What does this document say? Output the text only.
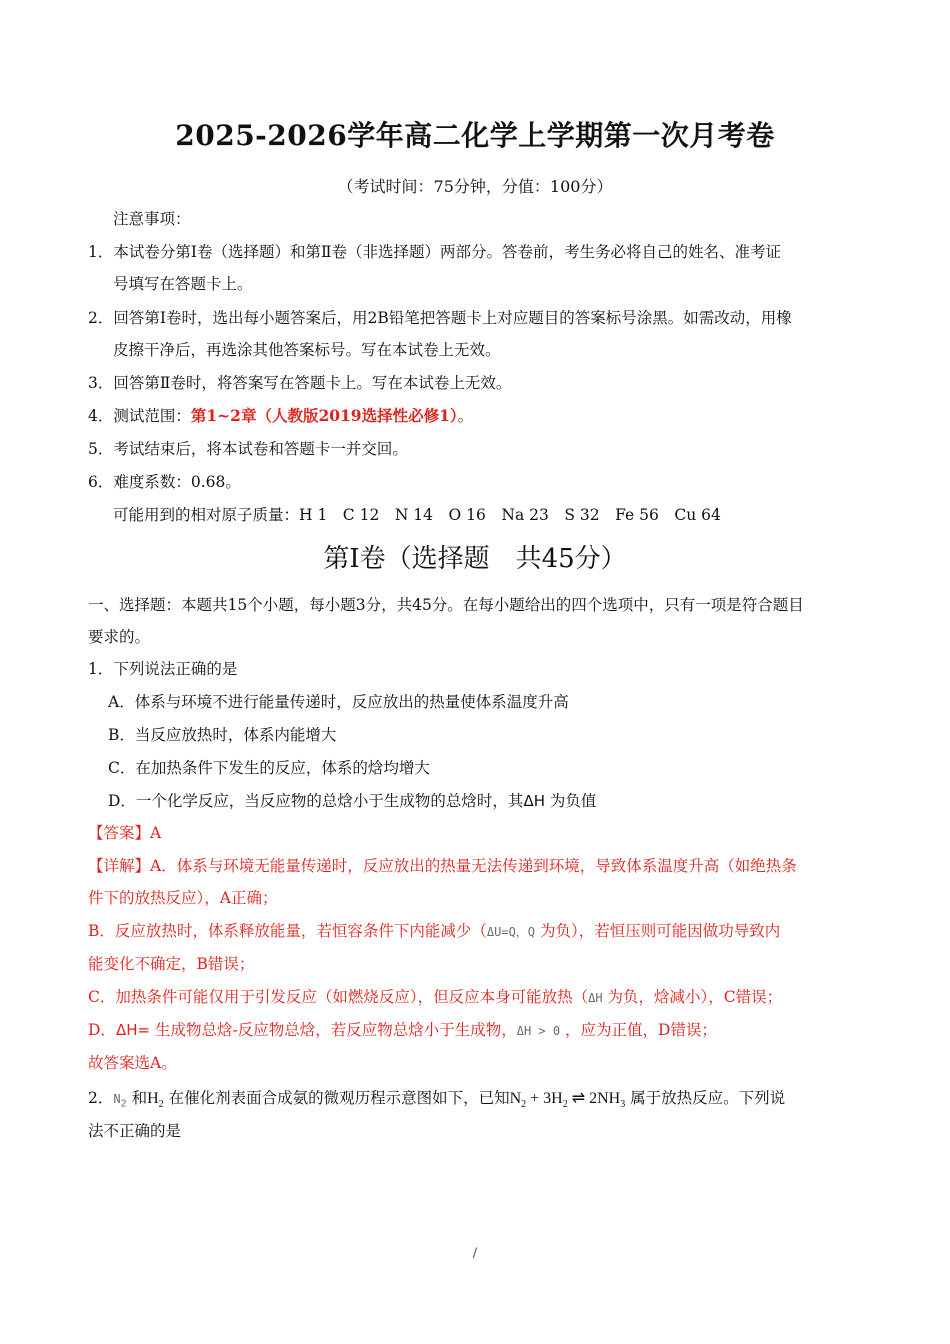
2025-2026学年高二化学上学期第一次月考卷
（考试时间：75分钟，分值：100分）
注意事项：
1．本试卷分第Ⅰ卷（选择题）和第Ⅱ卷（非选择题）两部分。答卷前，考生务必将自己的姓名、准考证
号填写在答题卡上。
2．回答第Ⅰ卷时，选出每小题答案后，用2B铅笔把答题卡上对应题目的答案标号涂黑。如需改动，用橡
皮擦干净后，再选涂其他答案标号。写在本试卷上无效。
3．回答第Ⅱ卷时，将答案写在答题卡上。写在本试卷上无效。
4．测试范围：第1~2章（人教版2019选择性必修1）。
5．考试结束后，将本试卷和答题卡一并交回。
6．难度系数：0.68。
可能用到的相对原子质量：H 1　C 12　N 14　O 16　Na 23　S 32　Fe 56　Cu 64
第Ⅰ卷（选择题　共45分）
一、选择题：本题共15个小题，每小题3分，共45分。在每小题给出的四个选项中，只有一项是符合题目
要求的。
1．下列说法正确的是
A．体系与环境不进行能量传递时，反应放出的热量使体系温度升高
B．当反应放热时，体系内能增大
C．在加热条件下发生的反应，体系的焓均增大
D．一个化学反应，当反应物的总焓小于生成物的总焓时，其ΔH 为负值
【答案】A
【详解】A．体系与环境无能量传递时，反应放出的热量无法传递到环境，导致体系温度升高（如绝热条
件下的放热反应），A正确；
B．反应放热时，体系释放能量，若恒容条件下内能减少（ΔU=Q，Q 为负），若恒压则可能因做功导致内
能变化不确定，B错误；
C．加热条件可能仅用于引发反应（如燃烧反应），但反应本身可能放热（ΔH 为负，焓减小），C错误；
D．ΔH= 生成物总焓-反应物总焓，若反应物总焓小于生成物，ΔH > 0 ，应为正值，D错误；
故答案选A。
2．$N_2$ 和$H_2$ 在催化剂表面合成氨的微观历程示意图如下，已知$N_2 + 3H_2$ ⇌ $2NH_3$ 属于放热反应。下列说
法不正确的是
/
